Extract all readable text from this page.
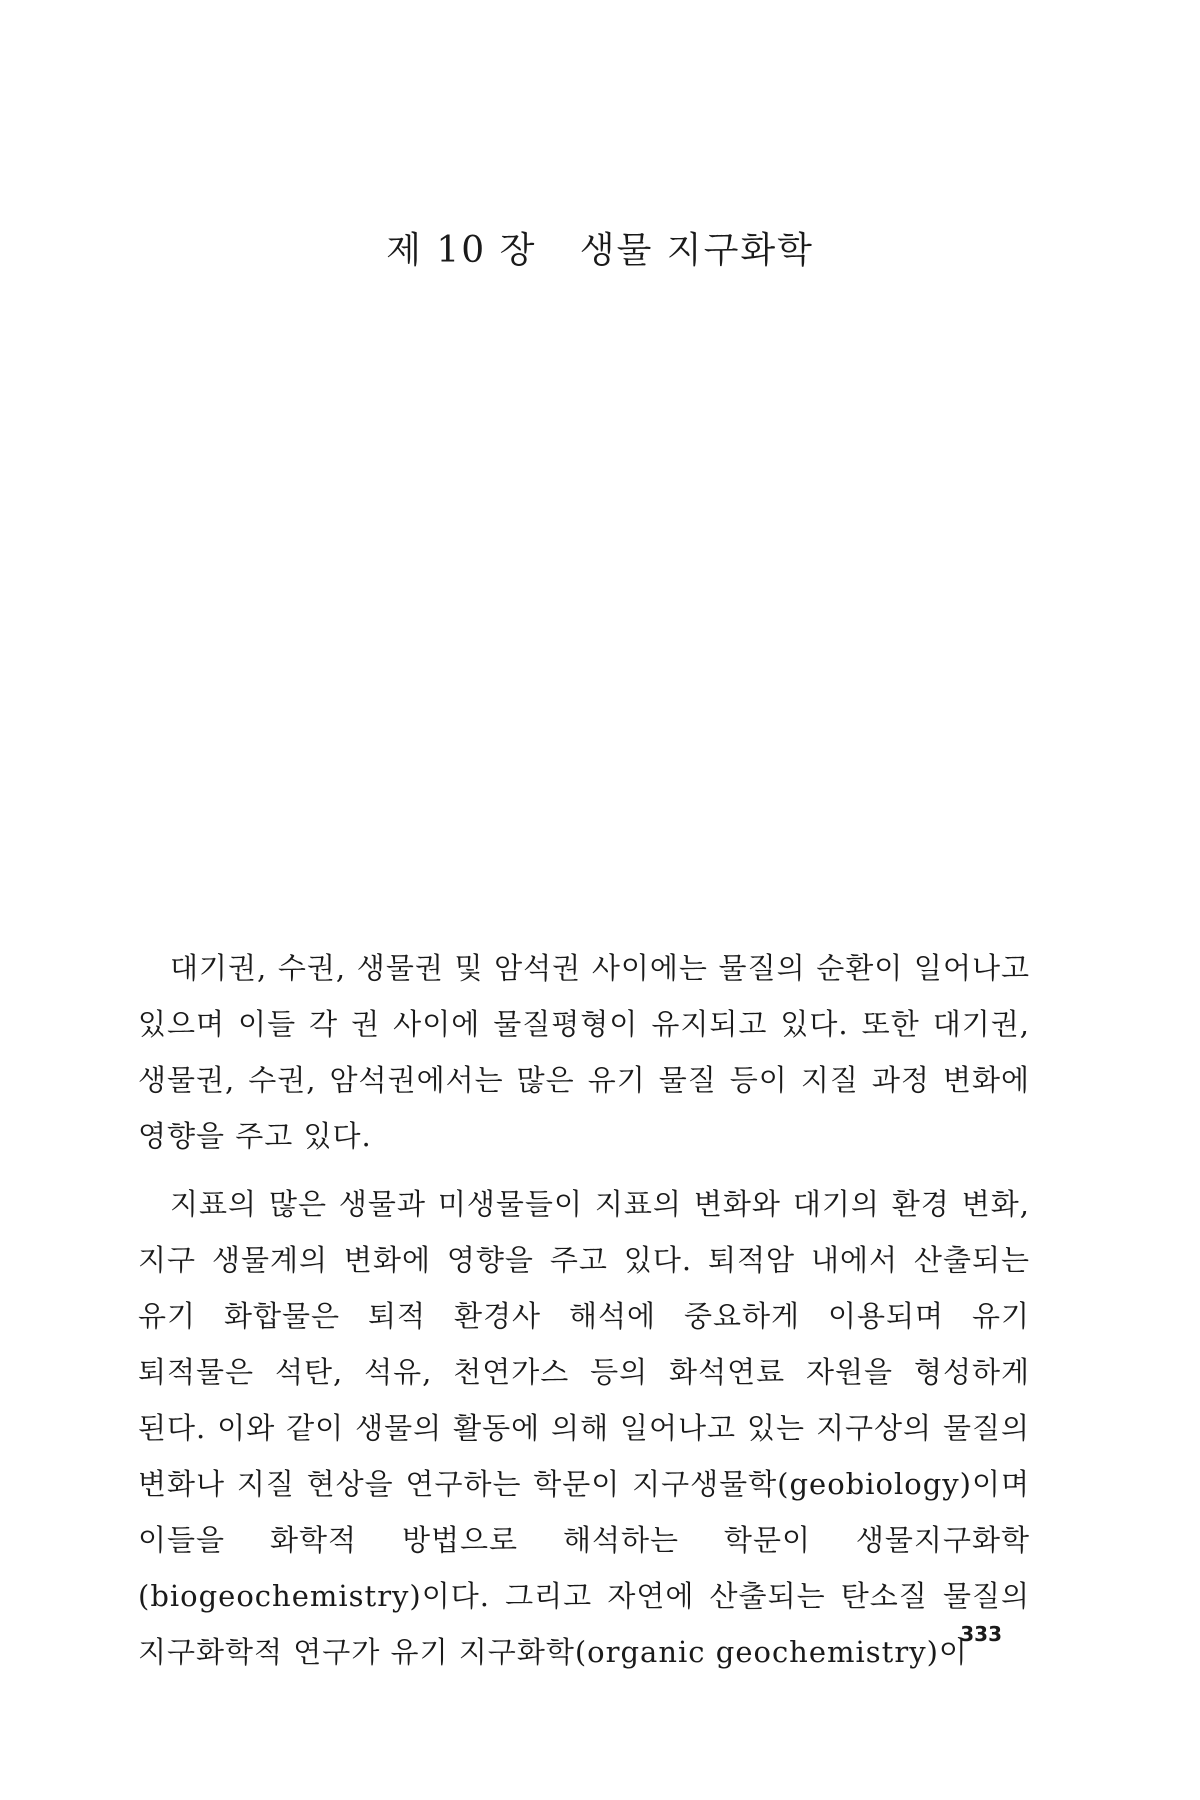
제 10 장 생물 지구화학

대기권, 수권, 생물권 및 암석권 사이에는 물질의 순환이 일어나고 있으며 이들 각 권 사이에 물질평형이 유지되고 있다. 또한 대기권, 생물권, 수권, 암석권에서는 많은 유기 물질 등이 지질 과정 변화에 영향을 주고 있다.

지표의 많은 생물과 미생물들이 지표의 변화와 대기의 환경 변화, 지구 생물계의 변화에 영향을 주고 있다. 퇴적암 내에서 산출되는 유기 화합물은 퇴적 환경사 해석에 중요하게 이용되며 유기 퇴적물은 석탄, 석유, 천연가스 등의 화석연료 자원을 형성하게 된다. 이와 같이 생물의 활동에 의해 일어나고 있는 지구상의 물질의 변화나 지질 현상을 연구하는 학문이 지구생물학(geobiology)이며 이들을 화학적 방법으로 해석하는 학문이 생물지구화학(biogeochemistry)이다. 그리고 자연에 산출되는 탄소질 물질의 지구화학적 연구가 유기 지구화학(organic geochemistry)이

333
